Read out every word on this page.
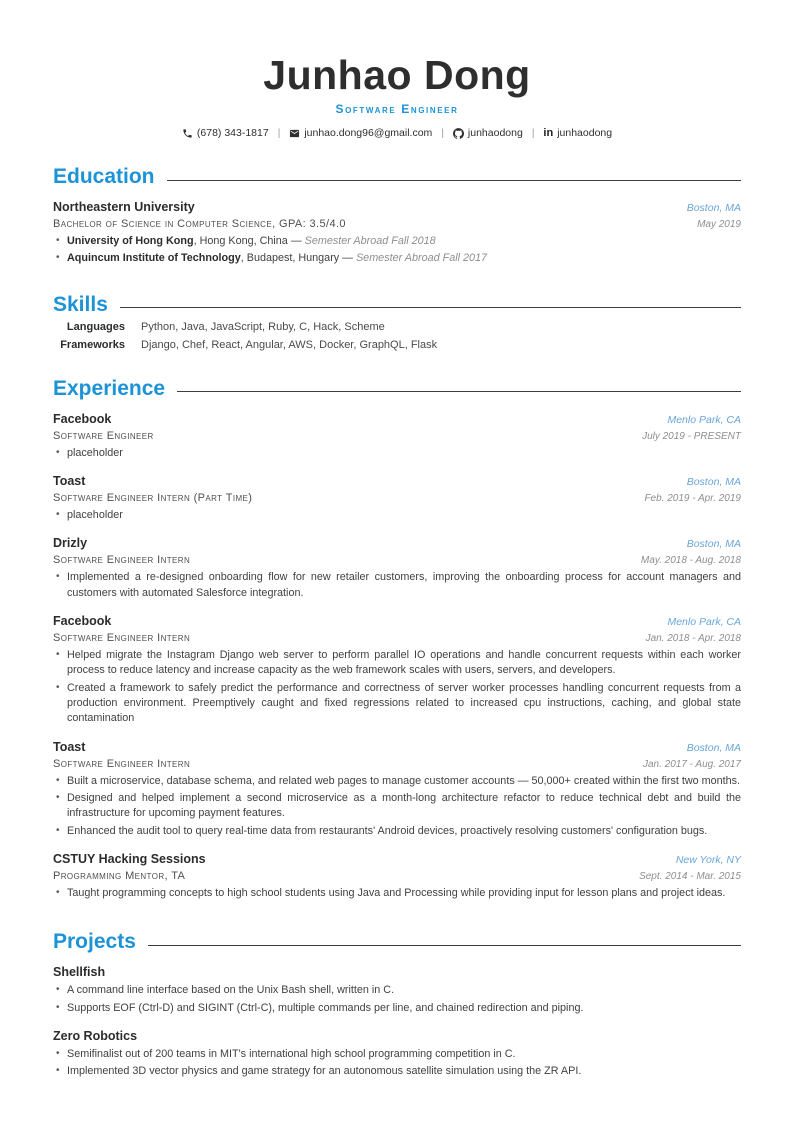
Junhao Dong
Software Engineer
(678) 343-1817 | junhao.dong96@gmail.com | junhaodong | in junhaodong
Education
Northeastern University	Boston, MA
Bachelor of Science in Computer Science, GPA: 3.5/4.0	May 2019
• University of Hong Kong, Hong Kong, China — Semester Abroad Fall 2018
• Aquincum Institute of Technology, Budapest, Hungary — Semester Abroad Fall 2017
Skills
Languages Python, Java, JavaScript, Ruby, C, Hack, Scheme
Frameworks Django, Chef, React, Angular, AWS, Docker, GraphQL, Flask
Experience
Facebook	Menlo Park, CA
Software Engineer	July 2019 - PRESENT
• placeholder
Toast	Boston, MA
Software Engineer Intern (Part Time)	Feb. 2019 - Apr. 2019
• placeholder
Drizly	Boston, MA
Software Engineer Intern	May. 2018 - Aug. 2018
• Implemented a re-designed onboarding flow for new retailer customers, improving the onboarding process for account managers and customers with automated Salesforce integration.
Facebook	Menlo Park, CA
Software Engineer Intern	Jan. 2018 - Apr. 2018
• Helped migrate the Instagram Django web server to perform parallel IO operations and handle concurrent requests within each worker process to reduce latency and increase capacity as the web framework scales with users, servers, and developers.
• Created a framework to safely predict the performance and correctness of server worker processes handling concurrent requests from a production environment. Preemptively caught and fixed regressions related to increased cpu instructions, caching, and global state contamination
Toast	Boston, MA
Software Engineer Intern	Jan. 2017 - Aug. 2017
• Built a microservice, database schema, and related web pages to manage customer accounts — 50,000+ created within the first two months.
• Designed and helped implement a second microservice as a month-long architecture refactor to reduce technical debt and build the infrastructure for upcoming payment features.
• Enhanced the audit tool to query real-time data from restaurants' Android devices, proactively resolving customers' configuration bugs.
CSTUY Hacking Sessions	New York, NY
Programming Mentor, TA	Sept. 2014 - Mar. 2015
• Taught programming concepts to high school students using Java and Processing while providing input for lesson plans and project ideas.
Projects
Shellfish
• A command line interface based on the Unix Bash shell, written in C.
• Supports EOF (Ctrl-D) and SIGINT (Ctrl-C), multiple commands per line, and chained redirection and piping.
Zero Robotics
• Semifinalist out of 200 teams in MIT's international high school programming competition in C.
• Implemented 3D vector physics and game strategy for an autonomous satellite simulation using the ZR API.
